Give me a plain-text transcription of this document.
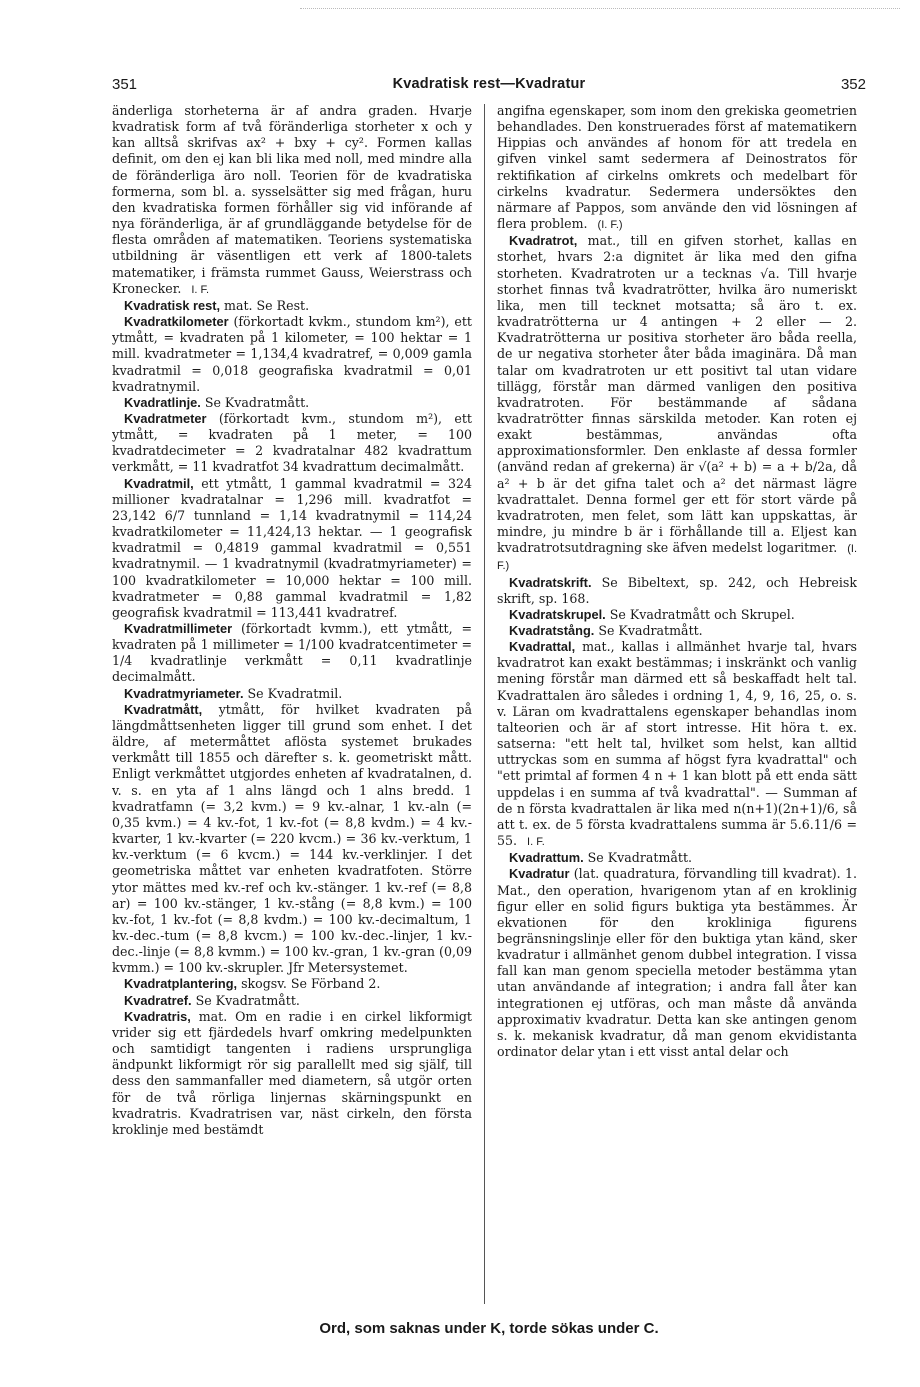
351	Kvadratisk rest—Kvadratur	352

änderliga storheterna är af andra graden. Hvarje kvadratisk form af två föränderliga storheter x och y kan alltså skrifvas ax² + bxy + cy². Formen kallas definit, om den ej kan bli lika med noll, med mindre alla de föränderliga äro noll. Teorien för de kvadratiska formerna, som bl. a. sysselsätter sig med frågan, huru den kvadratiska formen förhåller sig vid införande af nya föränderliga, är af grundläggande betydelse för de flesta områden af matematiken. Teoriens systematiska utbildning är väsentligen ett verk af 1800-talets matematiker, i främsta rummet Gauss, Weierstrass och Kronecker. I. F.

Kvadratisk rest, mat. Se Rest.

Kvadratkilometer (förkortadt kvkm., stundom km²), ett ytmått, = kvadraten på 1 kilometer, = 100 hektar = 1 mill. kvadratmeter = 1,134,4 kvadratref, = 0,009 gamla kvadratmil = 0,018 geografiska kvadratmil = 0,01 kvadratnymil.

Kvadratlinje. Se Kvadratmått.

Kvadratmeter (förkortadt kvm., stundom m²), ett ytmått, = kvadraten på 1 meter, = 100 kvadratdecimeter = 2 kvadratalnar 482 kvadrattum verkmått, = 11 kvadratfot 34 kvadrattum decimalmått.

Kvadratmil, ett ytmått, 1 gammal kvadratmil = 324 millioner kvadratalnar = 1,296 mill. kvadratfot = 23,142 6/7 tunnland = 1,14 kvadratnymil = 114,24 kvadratkilometer = 11,424,13 hektar. — 1 geografisk kvadratmil = 0,4819 gammal kvadratmil = 0,551 kvadratnymil. — 1 kvadratnymil (kvadratmyriameter) = 100 kvadratkilometer = 10,000 hektar = 100 mill. kvadratmeter = 0,88 gammal kvadratmil = 1,82 geografisk kvadratmil = 113,441 kvadratref.

Kvadratmillimeter (förkortadt kvmm.), ett ytmått, = kvadraten på 1 millimeter = 1/100 kvadratcentimeter = 1/4 kvadratlinje verkmått = 0,11 kvadratlinje decimalmått.

Kvadratmyriameter. Se Kvadratmil.

Kvadratmått, ytmått, för hvilket kvadraten på längdmåttsenheten ligger till grund som enhet. I det äldre, af metermåttet aflösta systemet brukades verkmått till 1855 och därefter s. k. geometriskt mått. Enligt verkmåttet utgjordes enheten af kvadratalnen, d. v. s. en yta af 1 alns längd och 1 alns bredd. 1 kvadratfamn (= 3,2 kvm.) = 9 kv.-alnar, 1 kv.-aln (= 0,35 kvm.) = 4 kv.-fot, 1 kv.-fot (= 8,8 kvdm.) = 4 kv.-kvarter, 1 kv.-kvarter (= 220 kvcm.) = 36 kv.-verktum, 1 kv.-verktum (= 6 kvcm.) = 144 kv.-verklinjer. I det geometriska måttet var enheten kvadratfoten. Större ytor mättes med kv.-ref och kv.-stänger. 1 kv.-ref (= 8,8 ar) = 100 kv.-stänger, 1 kv.-stång (= 8,8 kvm.) = 100 kv.-fot, 1 kv.-fot (= 8,8 kvdm.) = 100 kv.-decimaltum, 1 kv.-dec.-tum (= 8,8 kvcm.) = 100 kv.-dec.-linjer, 1 kv.-dec.-linje (= 8,8 kvmm.) = 100 kv.-gran, 1 kv.-gran (0,09 kvmm.) = 100 kv.-skrupler. Jfr Metersystemet.

Kvadratplantering, skogsv. Se Förband 2.

Kvadratref. Se Kvadratmått.

Kvadratris, mat. Om en radie i en cirkel likformigt vrider sig ett fjärdedels hvarf omkring medelpunkten och samtidigt tangenten i radiens ursprungliga ändpunkt likformigt rör sig parallellt med sig själf, till dess den sammanfaller med diametern, så utgör orten för de två rörliga linjernas skärningspunkt en kvadratris. Kvadratrisen var, näst cirkeln, den första kroklinje med bestämdt

angifna egenskaper, som inom den grekiska geometrien behandlades. Den konstruerades först af matematikern Hippias och användes af honom för att tredela en gifven vinkel samt sedermera af Deinostratos för rektifikation af cirkelns omkrets och medelbart för cirkelns kvadratur. Sedermera undersöktes den närmare af Pappos, som använde den vid lösningen af flera problem. (I. F.)

Kvadratrot, mat., till en gifven storhet, kallas en storhet, hvars 2:a dignitet är lika med den gifna storheten. Kvadratroten ur a tecknas √a. Till hvarje storhet finnas två kvadratrötter, hvilka äro numeriskt lika, men till tecknet motsatta; så äro t. ex. kvadratrötterna ur 4 antingen + 2 eller — 2. Kvadratrötterna ur positiva storheter äro båda reella, de ur negativa storheter åter båda imaginära. Då man talar om kvadratroten ur ett positivt tal utan vidare tillägg, förstår man därmed vanligen den positiva kvadratroten. För bestämmande af sådana kvadratrötter finnas särskilda metoder. Kan roten ej exakt bestämmas, användas ofta approximationsformler. Den enklaste af dessa formler (använd redan af grekerna) är √(a² + b) = a + b/2a, då a² + b är det gifna talet och a² det närmast lägre kvadrattalet. Denna formel ger ett för stort värde på kvadratroten, men felet, som lätt kan uppskattas, är mindre, ju mindre b är i förhållande till a. Eljest kan kvadratrotsutdragning ske äfven medelst logaritmer. (I. F.)

Kvadratskrift. Se Bibeltext, sp. 242, och Hebreisk skrift, sp. 168.

Kvadratskrupel. Se Kvadratmått och Skrupel.

Kvadratstång. Se Kvadratmått.

Kvadrattal, mat., kallas i allmänhet hvarje tal, hvars kvadratrot kan exakt bestämmas; i inskränkt och vanlig mening förstår man därmed ett så beskaffadt helt tal. Kvadrattalen äro således i ordning 1, 4, 9, 16, 25, o. s. v. Läran om kvadrattalens egenskaper behandlas inom talteorien och är af stort intresse. Hit höra t. ex. satserna: "ett helt tal, hvilket som helst, kan alltid uttryckas som en summa af högst fyra kvadrattal" och "ett primtal af formen 4 n + 1 kan blott på ett enda sätt uppdelas i en summa af två kvadrattal". — Summan af de n första kvadrattalen är lika med n(n+1)(2n+1)/6, så att t. ex. de 5 första kvadrattalens summa är 5.6.11/6 = 55. I. F.

Kvadrattum. Se Kvadratmått.

Kvadratur (lat. quadratura, förvandling till kvadrat). 1. Mat., den operation, hvarigenom ytan af en kroklinig figur eller en solid figurs buktiga yta bestämmes. Är ekvationen för den krokliniga figurens begränsningslinje eller för den buktiga ytan känd, sker kvadratur i allmänhet genom dubbel integration. I vissa fall kan man genom speciella metoder bestämma ytan utan användande af integration; i andra fall åter kan integrationen ej utföras, och man måste då använda approximativ kvadratur. Detta kan ske antingen genom s. k. mekanisk kvadratur, då man genom ekvidistanta ordinator delar ytan i ett visst antal delar och

Ord, som saknas under K, torde sökas under C.
